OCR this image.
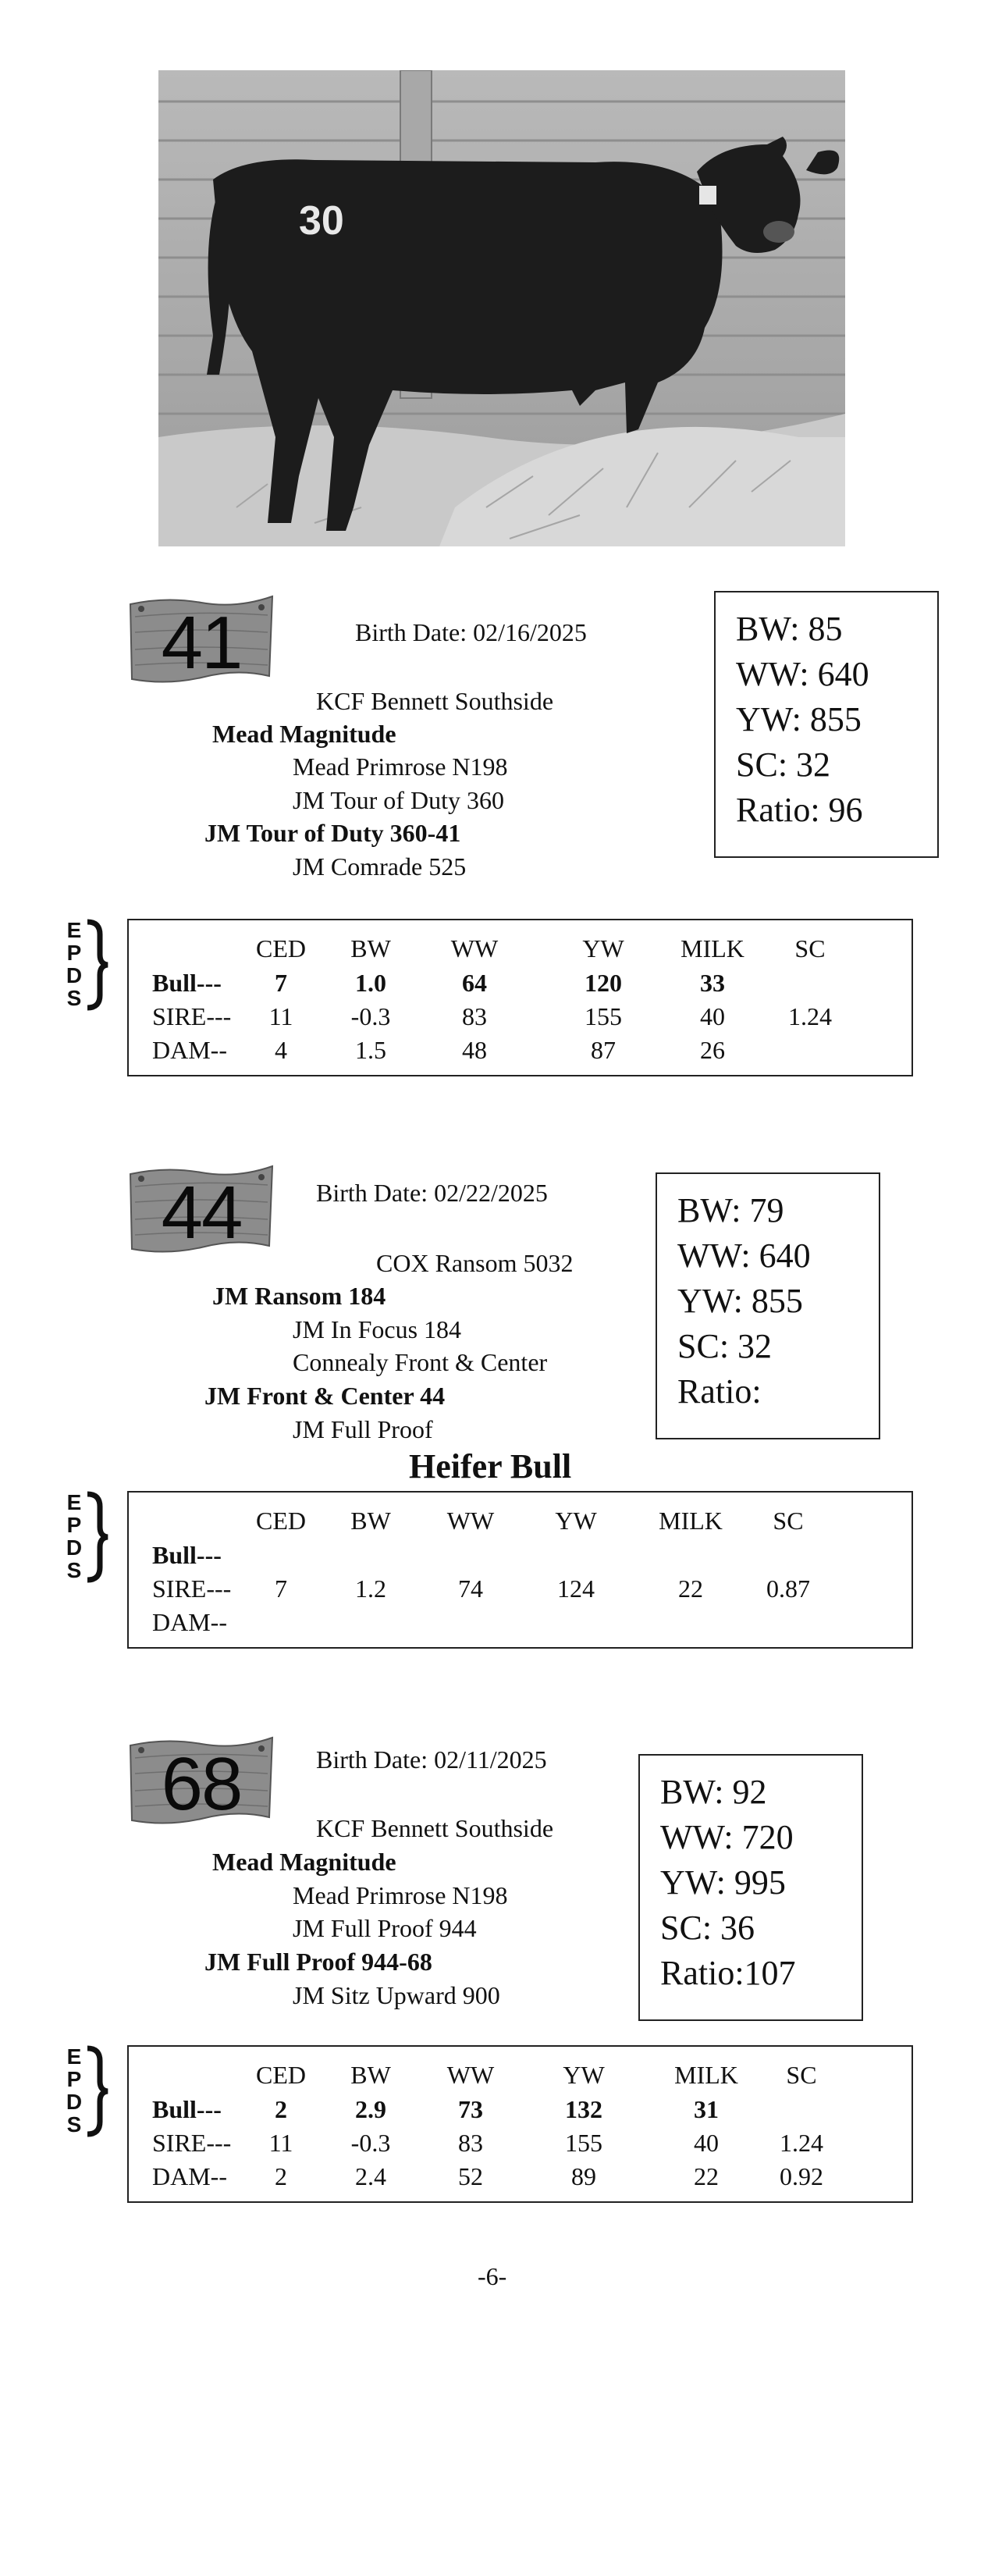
30
41	Birth Date: 02/16/2025
KCF Bennett Southside
Mead Magnitude
Mead Primrose N198
JM Tour of Duty 360
JM Tour of Duty 360-41
JM Comrade 525
BW: 85
WW: 640
YW: 855
SC: 32
Ratio: 96
E
P
D
S
CED	BW	WW	YW	MILK	SC
Bull---	7	1.0	64	120	33
SIRE---	11	-0.3	83	155	40	1.24
DAM--	4	1.5	48	87	26
44	Birth Date: 02/22/2025
COX Ransom 5032
JM Ransom 184
JM In Focus 184
Connealy Front & Center
JM Front & Center 44
JM Full Proof
Heifer Bull
BW: 79
WW: 640
YW: 855
SC: 32
Ratio:
E
P
D
S
CED	BW	WW	YW	MILK	SC
Bull---
SIRE---	7	1.2	74	124	22	0.87
DAM--
68	Birth Date: 02/11/2025
KCF Bennett Southside
Mead Magnitude
Mead Primrose N198
JM Full Proof 944
JM Full Proof 944-68
JM Sitz Upward 900
BW: 92
WW: 720
YW: 995
SC: 36
Ratio:107
E
P
D
S
CED	BW	WW	YW	MILK	SC
Bull---	2	2.9	73	132	31
SIRE---	11	-0.3	83	155	40	1.24
DAM--	2	2.4	52	89	22	0.92
-6-
